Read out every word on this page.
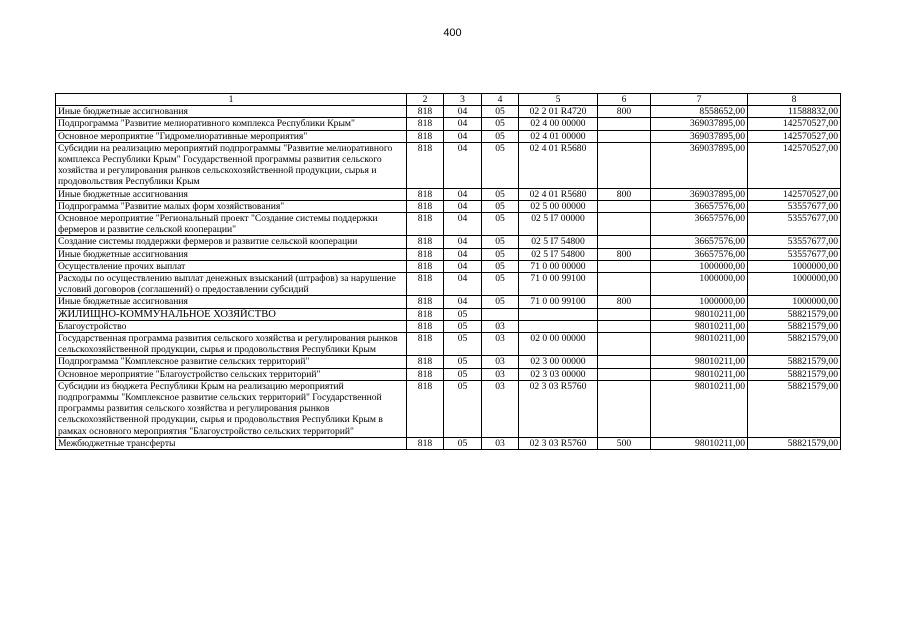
400
1	2	3	4	5	6	7	8
Иные бюджетные ассигнования	818	04	05	02 2 01 R4720	800	8558652,00	11588832,00
Подпрограмма "Развитие мелиоративного комплекса Республики Крым"	818	04	05	02 4 00 00000		369037895,00	142570527,00
Основное мероприятие "Гидромелиоративные мероприятия"	818	04	05	02 4 01 00000		369037895,00	142570527,00
Субсидии на реализацию мероприятий подпрограммы "Развитие мелиоративного комплекса Республики Крым" Государственной программы развития сельского хозяйства и регулирования рынков сельскохозяйственной продукции, сырья и продовольствия Республики Крым	818	04	05	02 4 01 R5680		369037895,00	142570527,00
Иные бюджетные ассигнования	818	04	05	02 4 01 R5680	800	369037895,00	142570527,00
Подпрограмма "Развитие малых форм хозяйствования"	818	04	05	02 5 00 00000		36657576,00	53557677,00
Основное мероприятие "Региональный проект "Создание системы поддержки фермеров и развитие сельской кооперации"	818	04	05	02 5 I7 00000		36657576,00	53557677,00
Создание системы поддержки фермеров и развитие сельской кооперации	818	04	05	02 5 I7 54800		36657576,00	53557677,00
Иные бюджетные ассигнования	818	04	05	02 5 I7 54800	800	36657576,00	53557677,00
Осуществление прочих выплат	818	04	05	71 0 00 00000		1000000,00	1000000,00
Расходы по осуществлению выплат денежных взысканий (штрафов) за нарушение условий договоров (соглашений) о предоставлении субсидий	818	04	05	71 0 00 99100		1000000,00	1000000,00
Иные бюджетные ассигнования	818	04	05	71 0 00 99100	800	1000000,00	1000000,00
ЖИЛИЩНО-КОММУНАЛЬНОЕ ХОЗЯЙСТВО	818	05				98010211,00	58821579,00
Благоустройство	818	05	03			98010211,00	58821579,00
Государственная программа развития сельского хозяйства и регулирования рынков сельскохозяйственной продукции, сырья и продовольствия Республики Крым	818	05	03	02 0 00 00000		98010211,00	58821579,00
Подпрограмма "Комплексное развитие сельских территорий"	818	05	03	02 3 00 00000		98010211,00	58821579,00
Основное мероприятие "Благоустройство сельских территорий"	818	05	03	02 3 03 00000		98010211,00	58821579,00
Субсидии из бюджета Республики Крым на реализацию мероприятий подпрограммы "Комплексное развитие сельских территорий" Государственной программы развития сельского хозяйства и регулирования рынков сельскохозяйственной продукции, сырья и продовольствия Республики Крым в рамках основного мероприятия "Благоустройство сельских территорий"	818	05	03	02 3 03 R5760		98010211,00	58821579,00
Межбюджетные трансферты	818	05	03	02 3 03 R5760	500	98010211,00	58821579,00
